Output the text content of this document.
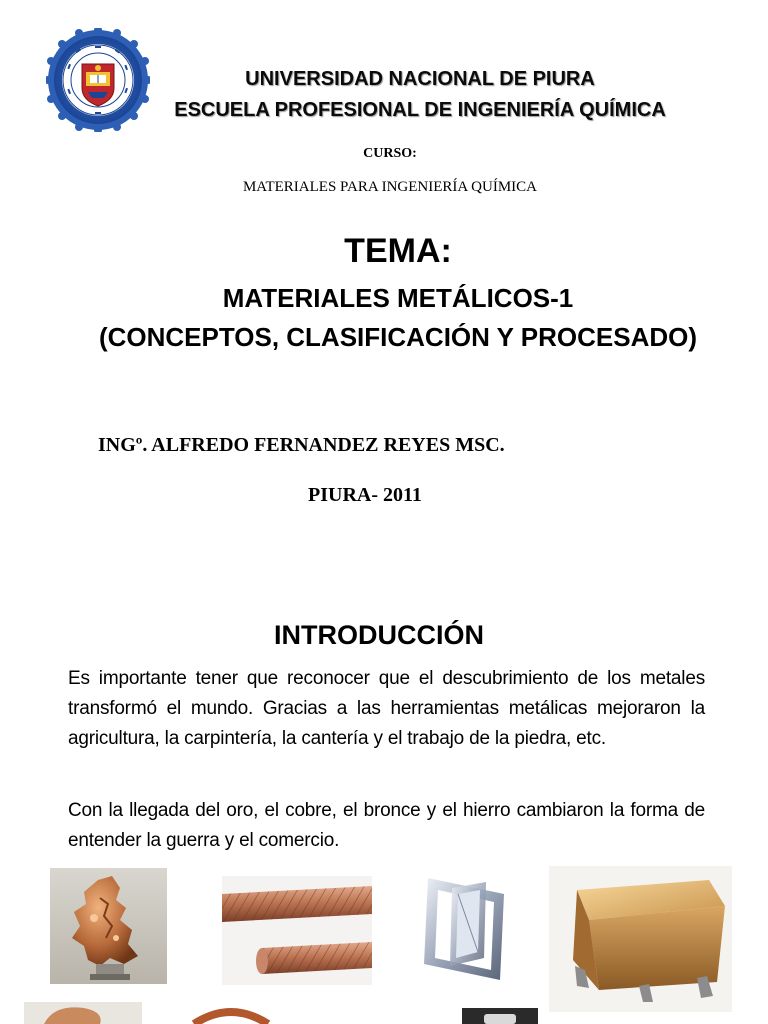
UNIVERSIDAD NACIONAL DE PIURA
ESCUELA PROFESIONAL DE INGENIERÍA QUÍMICA
CURSO:
MATERIALES PARA INGENIERÍA QUÍMICA
TEMA:
MATERIALES METÁLICOS-1
(CONCEPTOS, CLASIFICACIÓN Y PROCESADO)
INGº. ALFREDO FERNANDEZ REYES MSC.
PIURA- 2011
INTRODUCCIÓN
Es importante tener que reconocer que el descubrimiento de los metales transformó el mundo. Gracias a las herramientas metálicas mejoraron la agricultura, la carpintería, la cantería y el trabajo de la piedra, etc.
Con la llegada del oro, el cobre, el bronce y el hierro cambiaron la forma de entender la guerra y el comercio.
